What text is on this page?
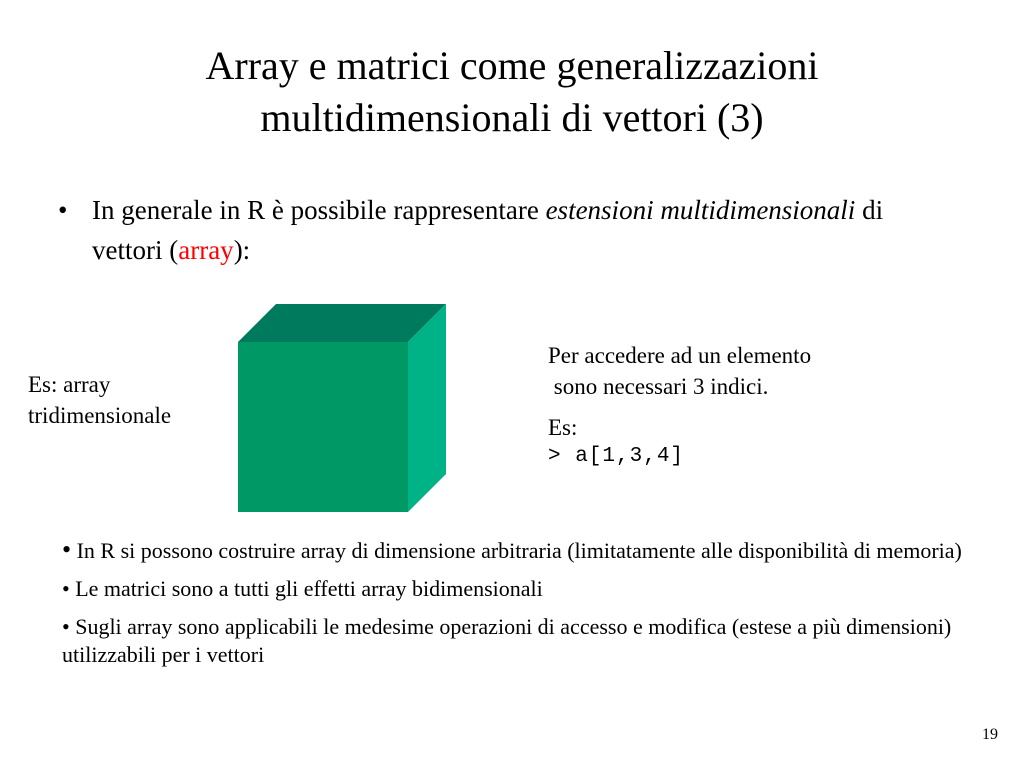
Array e matrici come generalizzazioni
multidimensionali di vettori (3)
• In generale in R è possibile rappresentare estensioni multidimensionali di vettori (array):
Es: array
tridimensionale
Per accedere ad un elemento
sono necessari 3 indici.
Es:
> a[1,3,4]

• In R si possono costruire array di dimensione arbitraria (limitatamente alle disponibilità di memoria)

• Le matrici sono a tutti gli effetti array bidimensionali

• Sugli array sono applicabili le medesime operazioni di accesso e modifica (estese a più dimensioni) utilizzabili per i vettori

19
